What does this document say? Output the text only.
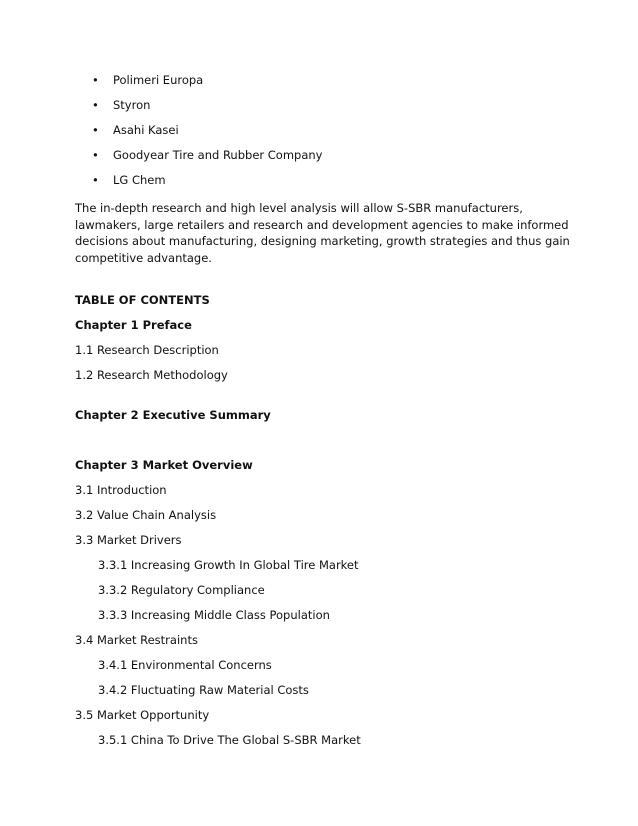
• Polimeri Europa
• Styron
• Asahi Kasei
• Goodyear Tire and Rubber Company
• LG Chem

The in-depth research and high level analysis will allow S-SBR manufacturers, lawmakers, large retailers and research and development agencies to make informed decisions about manufacturing, designing marketing, growth strategies and thus gain competitive advantage.

TABLE OF CONTENTS
Chapter 1 Preface
1.1 Research Description
1.2 Research Methodology
Chapter 2 Executive Summary
Chapter 3 Market Overview
3.1 Introduction
3.2 Value Chain Analysis
3.3 Market Drivers
3.3.1 Increasing Growth In Global Tire Market
3.3.2 Regulatory Compliance
3.3.3 Increasing Middle Class Population
3.4 Market Restraints
3.4.1 Environmental Concerns
3.4.2 Fluctuating Raw Material Costs
3.5 Market Opportunity
3.5.1 China To Drive The Global S-SBR Market
